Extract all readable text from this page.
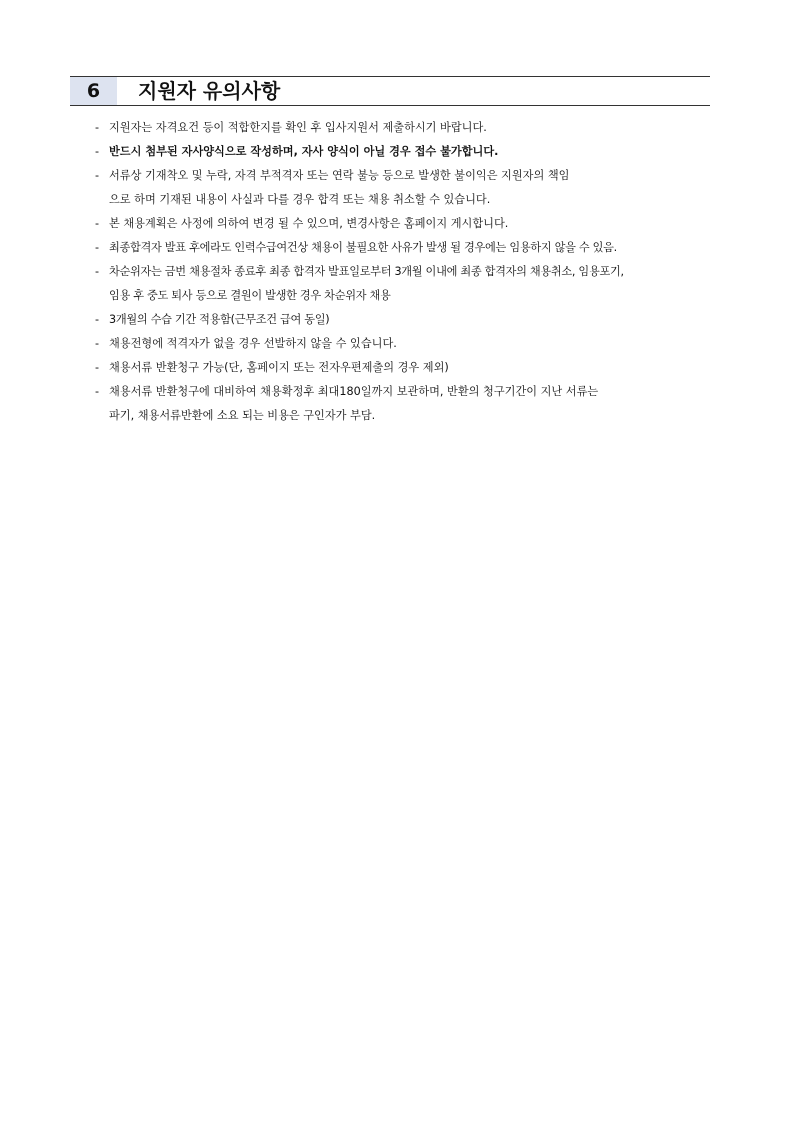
6	지원자 유의사항
- 지원자는 자격요건 등이 적합한지를 확인 후 입사지원서 제출하시기 바랍니다.
- 반드시 첨부된 자사양식으로 작성하며, 자사 양식이 아닐 경우 접수 불가합니다.
- 서류상 기재착오 및 누락, 자격 부적격자 또는 연락 불능 등으로 발생한 불이익은 지원자의 책임
으로 하며 기재된 내용이 사실과 다를 경우 합격 또는 채용 취소할 수 있습니다.
- 본 채용계획은 사정에 의하여 변경 될 수 있으며, 변경사항은 홈페이지 게시합니다.
- 최종합격자 발표 후에라도 인력수급여건상 채용이 불필요한 사유가 발생 될 경우에는 임용하지 않을 수 있음.
- 차순위자는 금번 채용절차 종료후 최종 합격자 발표일로부터 3개월 이내에 최종 합격자의 채용취소, 임용포기,
임용 후 중도 퇴사 등으로 결원이 발생한 경우 차순위자 채용
- 3개월의 수습 기간 적용함(근무조건 급여 동일)
- 채용전형에 적격자가 없을 경우 선발하지 않을 수 있습니다.
- 채용서류 반환청구 가능(단, 홈페이지 또는 전자우편제출의 경우 제외)
- 채용서류 반환청구에 대비하여 채용확정후 최대180일까지 보관하며, 반환의 청구기간이 지난 서류는
파기, 채용서류반환에 소요 되는 비용은 구인자가 부담.
